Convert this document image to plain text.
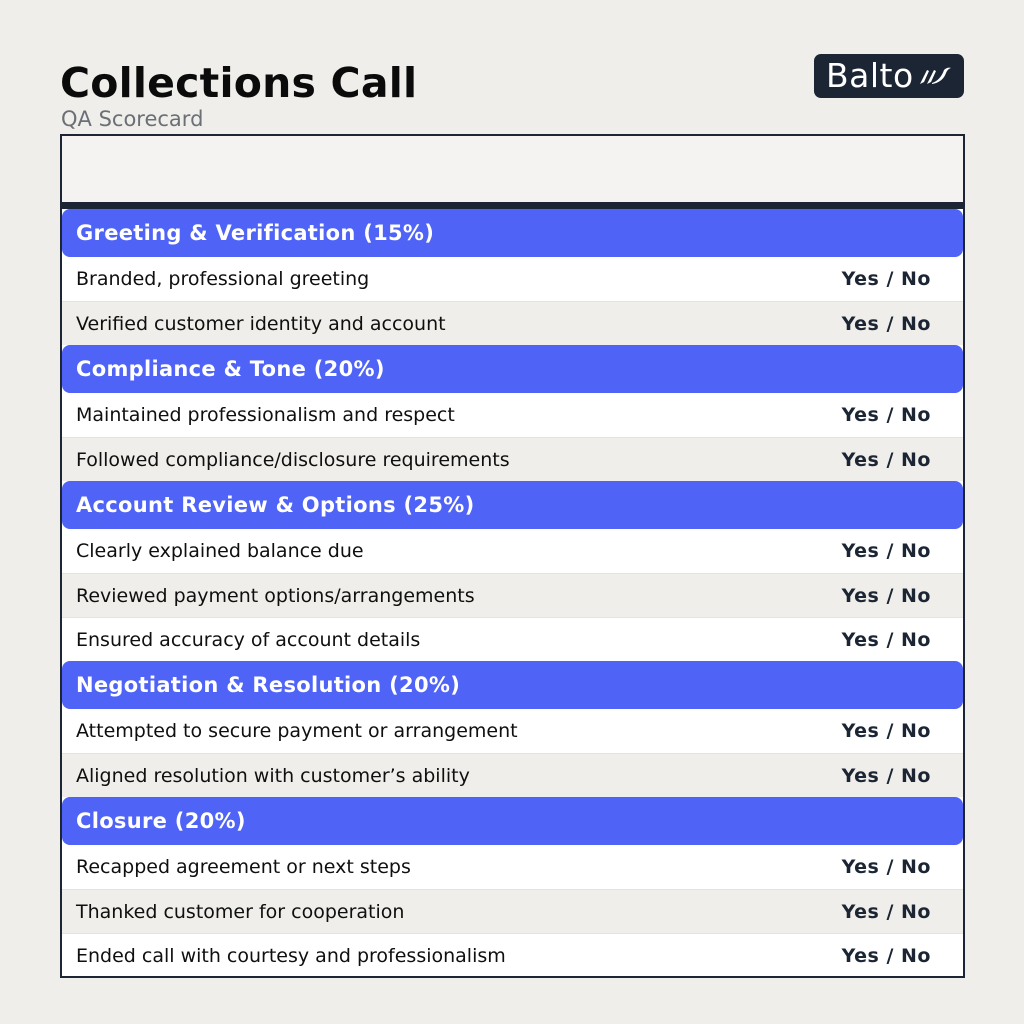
Collections Call
QA Scorecard
Balto
Greeting & Verification (15%)
Branded, professional greeting	Yes / No
Verified customer identity and account	Yes / No
Compliance & Tone (20%)
Maintained professionalism and respect	Yes / No
Followed compliance/disclosure requirements	Yes / No
Account Review & Options (25%)
Clearly explained balance due	Yes / No
Reviewed payment options/arrangements	Yes / No
Ensured accuracy of account details	Yes / No
Negotiation & Resolution (20%)
Attempted to secure payment or arrangement	Yes / No
Aligned resolution with customer’s ability	Yes / No
Closure (20%)
Recapped agreement or next steps	Yes / No
Thanked customer for cooperation	Yes / No
Ended call with courtesy and professionalism	Yes / No
